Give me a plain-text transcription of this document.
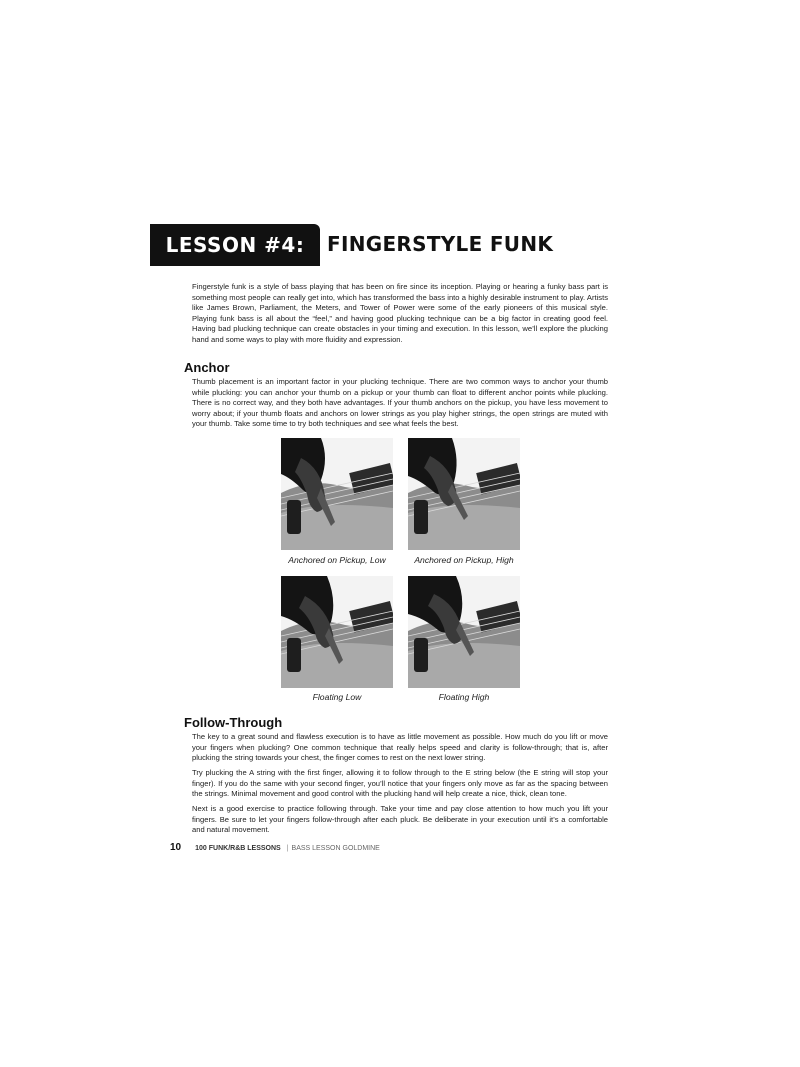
LESSON #4: FINGERSTYLE FUNK

Fingerstyle funk is a style of bass playing that has been on fire since its inception. Playing or hearing a funky bass part is something most people can really get into, which has transformed the bass into a highly desirable instrument to play. Artists like James Brown, Parliament, the Meters, and Tower of Power were some of the early pioneers of this musical style. Playing funk bass is all about the “feel,” and having good plucking technique can be a big factor in creating good feel. Having bad plucking technique can create obstacles in your timing and execution. In this lesson, we’ll explore the plucking hand and some ways to play with more fluidity and expression.

Anchor

Thumb placement is an important factor in your plucking technique. There are two common ways to anchor your thumb while plucking: you can anchor your thumb on a pickup or your thumb can float to different anchor points while plucking. There is no correct way, and they both have advantages. If your thumb anchors on the pickup, you have less movement to worry about; if your thumb floats and anchors on lower strings as you play higher strings, the open strings are muted with your thumb. Take some time to try both techniques and see what feels the best.

Anchored on Pickup, Low	Anchored on Pickup, High
Floating Low	Floating High
Follow-Through

The key to a great sound and flawless execution is to have as little movement as possible. How much do you lift or move your fingers when plucking? One common technique that really helps speed and clarity is follow-through; that is, after plucking the string towards your chest, the finger comes to rest on the next lower string.

Try plucking the A string with the first finger, allowing it to follow through to the E string below (the E string will stop your finger). If you do the same with your second finger, you’ll notice that your fingers only move as far as the spacing between the strings. Minimal movement and good control with the plucking hand will help create a nice, thick, clean tone.

Next is a good exercise to practice following through. Take your time and pay close attention to how much you lift your fingers. Be sure to let your fingers follow-through after each pluck. Be deliberate in your execution until it’s a comfortable and natural movement.

10 100 FUNK/R&B LESSONS | BASS LESSON GOLDMINE
